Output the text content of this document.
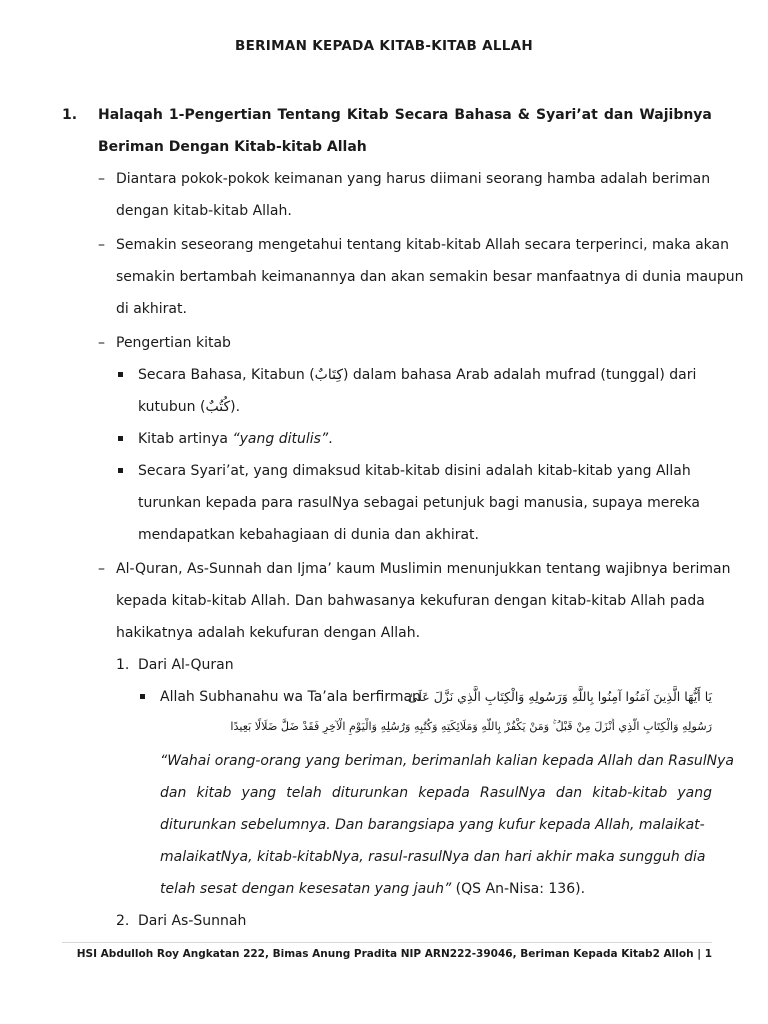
BERIMAN KEPADA KITAB-KITAB ALLAH
1. Halaqah 1-Pengertian Tentang Kitab Secara Bahasa & Syari’at dan Wajibnya
Beriman Dengan Kitab-kitab Allah
– Diantara pokok-pokok keimanan yang harus diimani seorang hamba adalah beriman
dengan kitab-kitab Allah.
– Semakin seseorang mengetahui tentang kitab-kitab Allah secara terperinci, maka akan
semakin bertambah keimanannya dan akan semakin besar manfaatnya di dunia maupun
di akhirat.
– Pengertian kitab
Secara Bahasa, Kitabun (كِتَابٌ) dalam bahasa Arab adalah mufrad (tunggal) dari
kutubun (كُتُبٌ).
Kitab artinya “yang ditulis”.
Secara Syari’at, yang dimaksud kitab-kitab disini adalah kitab-kitab yang Allah
turunkan kepada para rasulNya sebagai petunjuk bagi manusia, supaya mereka
mendapatkan kebahagiaan di dunia dan akhirat.
– Al-Quran, As-Sunnah dan Ijma’ kaum Muslimin menunjukkan tentang wajibnya beriman
kepada kitab-kitab Allah. Dan bahwasanya kekufuran dengan kitab-kitab Allah pada
hakikatnya adalah kekufuran dengan Allah.
1. Dari Al-Quran
Allah Subhanahu wa Ta’ala berfirman
يَا أَيُّهَا الَّذِينَ آمَنُوا آمِنُوا بِاللَّهِ وَرَسُولِهِ وَالْكِتَابِ الَّذِي نَزَّلَ عَلَىٰ
رَسُولِهِ وَالْكِتَابِ الَّذِي أَنْزَلَ مِنْ قَبْلُ ۚ وَمَنْ يَكْفُرْ بِاللَّهِ وَمَلَائِكَتِهِ وَكُتُبِهِ وَرُسُلِهِ وَالْيَوْمِ الْآخِرِ فَقَدْ ضَلَّ ضَلَالًا بَعِيدًا
“Wahai orang-orang yang beriman, berimanlah kalian kepada Allah dan RasulNya
dan kitab yang telah diturunkan kepada RasulNya dan kitab-kitab yang
diturunkan sebelumnya. Dan barangsiapa yang kufur kepada Allah, malaikat-
malaikatNya, kitab-kitabNya, rasul-rasulNya dan hari akhir maka sungguh dia
telah sesat dengan kesesatan yang jauh” (QS An-Nisa: 136).
2. Dari As-Sunnah
HSI Abdulloh Roy Angkatan 222, Bimas Anung Pradita NIP ARN222-39046, Beriman Kepada Kitab2 Alloh | 1
